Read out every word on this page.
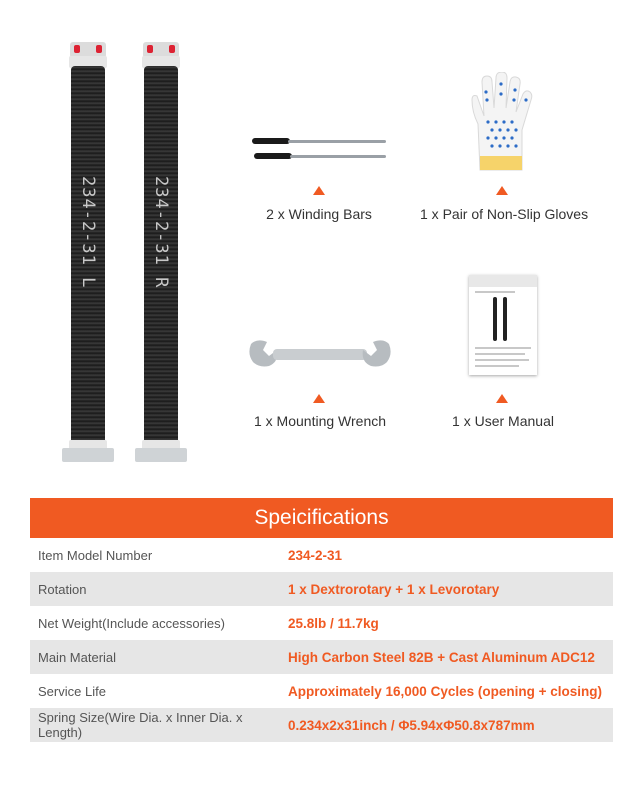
234-2-31 L	234-2-31 R	2 x Winding Bars	1 x Pair of Non-Slip Gloves
1 x Mounting Wrench	1 x User Manual
Speicifications
Item Model Number	234-2-31
Rotation	1 x Dextrorotary + 1 x Levorotary
Net Weight(Include accessories)	25.8lb / 11.7kg
Main Material	High Carbon Steel 82B + Cast Aluminum ADC12
Service Life	Approximately 16,000 Cycles (opening + closing)
Spring Size(Wire Dia. x Inner Dia. x Length)	0.234x2x31inch / Φ5.94xΦ50.8x787mm
